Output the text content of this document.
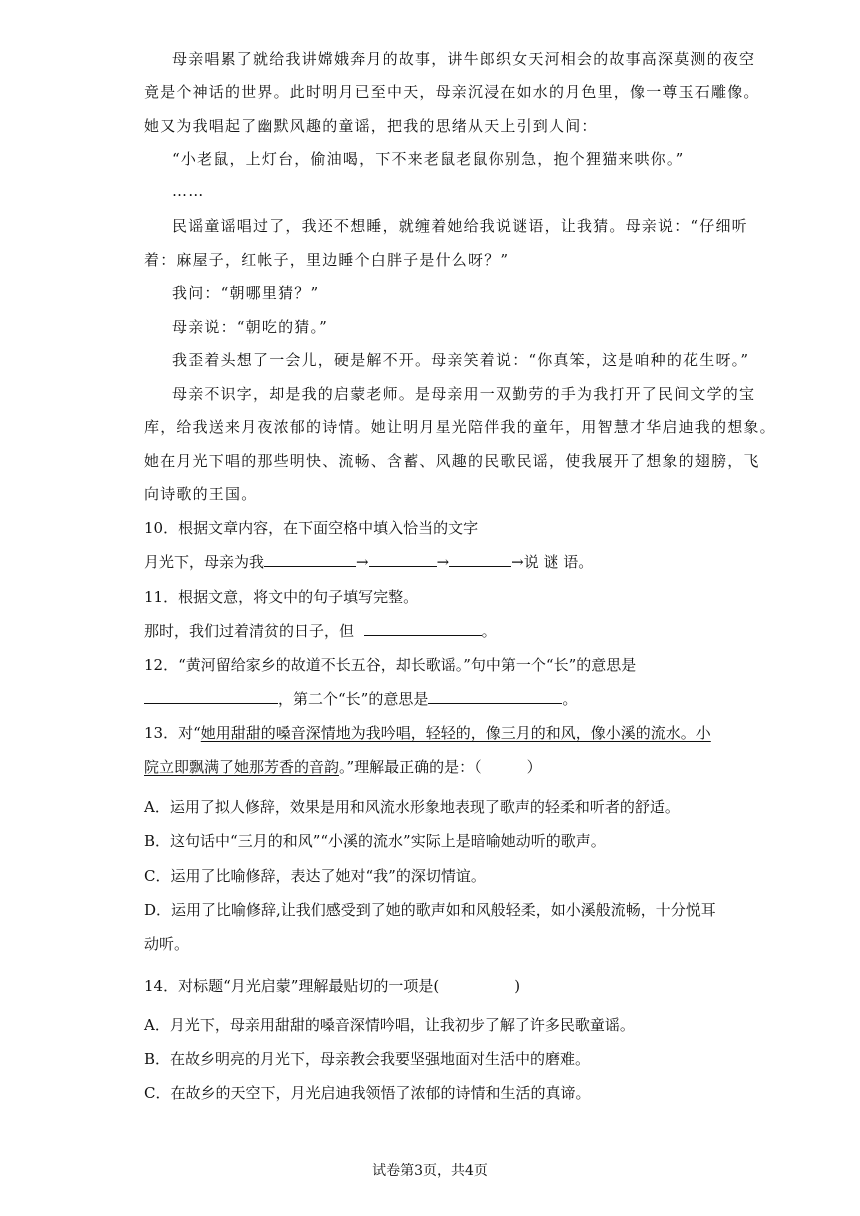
母亲唱累了就给我讲嫦娥奔月的故事，讲牛郎织女天河相会的故事高深莫测的夜空
竟是个神话的世界。此时明月已至中天，母亲沉浸在如水的月色里，像一尊玉石雕像。
她又为我唱起了幽默风趣的童谣，把我的思绪从天上引到人间：
“小老鼠，上灯台，偷油喝，下不来老鼠老鼠你别急，抱个狸猫来哄你。”
……
民谣童谣唱过了，我还不想睡，就缠着她给我说谜语，让我猜。母亲说：“仔细听
着：麻屋子，红帐子，里边睡个白胖子是什么呀？”
我问：“朝哪里猜？”
母亲说：“朝吃的猜。”
我歪着头想了一会儿，硬是解不开。母亲笑着说：“你真笨，这是咱种的花生呀。”
母亲不识字，却是我的启蒙老师。是母亲用一双勤劳的手为我打开了民间文学的宝
库，给我送来月夜浓郁的诗情。她让明月星光陪伴我的童年，用智慧才华启迪我的想象。
她在月光下唱的那些明快、流畅、含蓄、风趣的民歌民谣，使我展开了想象的翅膀，飞
向诗歌的王国。
10．根据文章内容，在下面空格中填入恰当的文字
月光下，母亲为我	→	→	→说 谜 语。
11．根据文意，将文中的句子填写完整。
那时，我们过着清贫的日子，但	。
12．“黄河留给家乡的故道不长五谷，却长歌谣。”句中第一个“长”的意思是
，第二个“长”的意思是	。
13．对“她用甜甜的嗓音深情地为我吟唱，轻轻的，像三月的和风，像小溪的流水。小
院立即飘满了她那芳香的音韵。”理解最正确的是：（　　　）
A．运用了拟人修辞，效果是用和风流水形象地表现了歌声的轻柔和听者的舒适。
B．这句话中“三月的和风”“小溪的流水”实际上是暗喻她动听的歌声。
C．运用了比喻修辞，表达了她对“我”的深切情谊。
D．运用了比喻修辞,让我们感受到了她的歌声如和风般轻柔，如小溪般流畅，十分悦耳
动听。
14．对标题“月光启蒙”理解最贴切的一项是(　　　　　)
A．月光下，母亲用甜甜的嗓音深情吟唱，让我初步了解了许多民歌童谣。
B．在故乡明亮的月光下，母亲教会我要坚强地面对生活中的磨难。
C．在故乡的天空下，月光启迪我领悟了浓郁的诗情和生活的真谛。
试卷第3页，共4页
